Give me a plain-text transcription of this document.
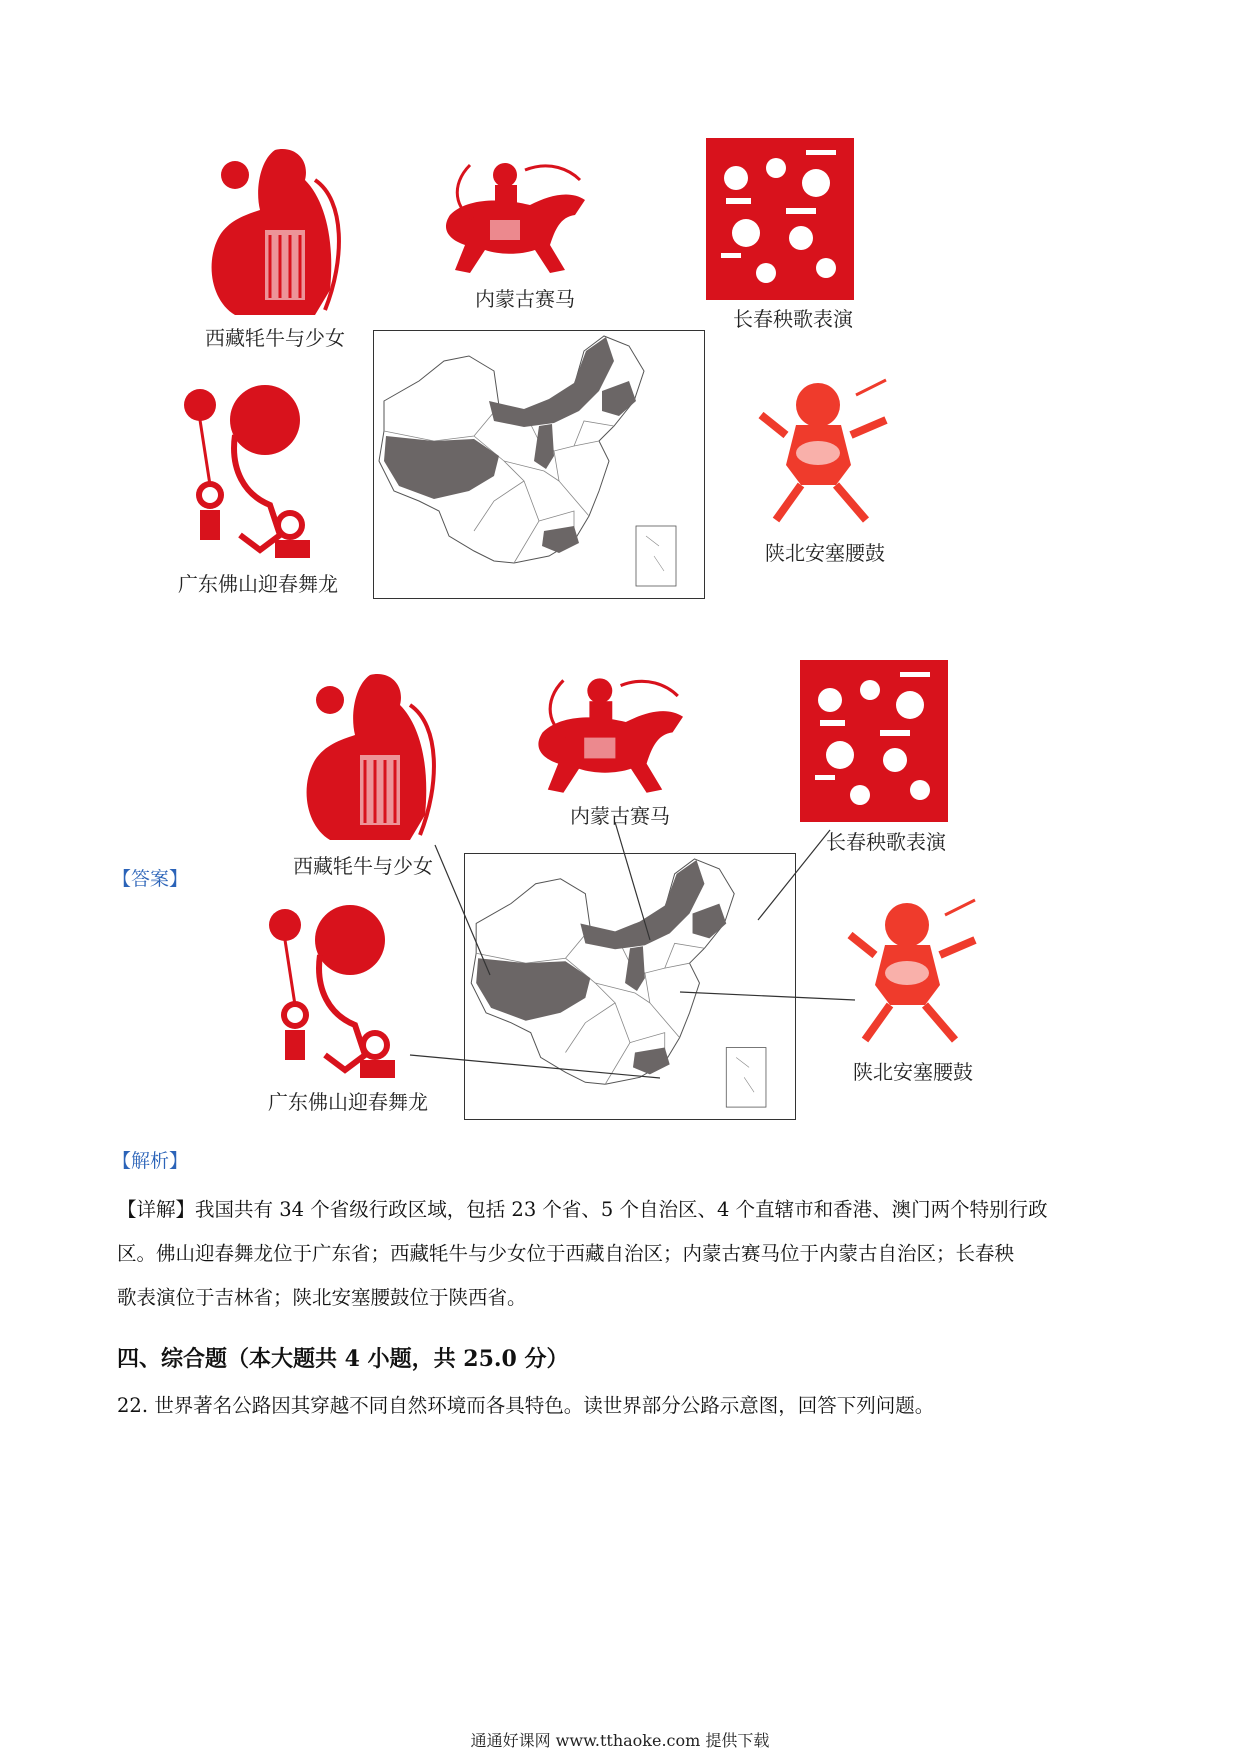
西藏牦牛与少女
内蒙古赛马
长春秧歌表演
广东佛山迎春舞龙
陕北安塞腰鼓
【答案】
西藏牦牛与少女
内蒙古赛马
长春秧歌表演
广东佛山迎春舞龙
陕北安塞腰鼓
【解析】
【详解】我国共有 34 个省级行政区域，包括 23 个省、5 个自治区、4 个直辖市和香港、澳门两个特别行政
区。佛山迎春舞龙位于广东省；西藏牦牛与少女位于西藏自治区；内蒙古赛马位于内蒙古自治区；长春秧
歌表演位于吉林省；陕北安塞腰鼓位于陕西省。
四、综合题（本大题共 4 小题，共 25.0 分）
22. 世界著名公路因其穿越不同自然环境而各具特色。读世界部分公路示意图，回答下列问题。
通通好课网 www.tthaoke.com 提供下载
